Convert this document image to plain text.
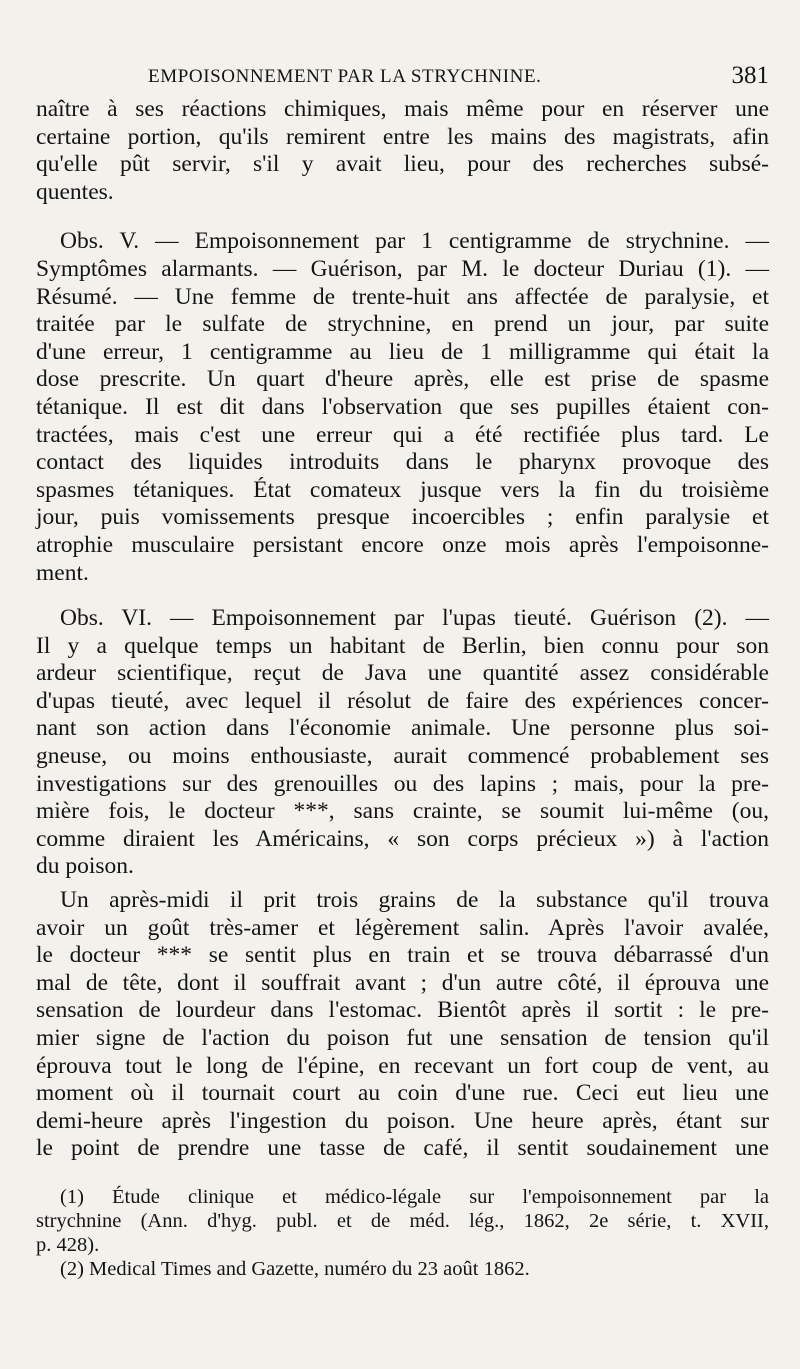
EMPOISONNEMENT PAR LA STRYCHNINE.	381

naître à ses réactions chimiques, mais même pour en réserver une

certaine portion, qu'ils remirent entre les mains des magistrats, afin

qu'elle pût servir, s'il y avait lieu, pour des recherches subsé-

quentes.

Obs. V. — Empoisonnement par 1 centigramme de strychnine. —

Symptômes alarmants. — Guérison, par M. le docteur Duriau (1). —

Résumé. — Une femme de trente-huit ans affectée de paralysie, et

traitée par le sulfate de strychnine, en prend un jour, par suite

d'une erreur, 1 centigramme au lieu de 1 milligramme qui était la

dose prescrite. Un quart d'heure après, elle est prise de spasme

tétanique. Il est dit dans l'observation que ses pupilles étaient con-

tractées, mais c'est une erreur qui a été rectifiée plus tard. Le

contact des liquides introduits dans le pharynx provoque des

spasmes tétaniques. État comateux jusque vers la fin du troisième

jour, puis vomissements presque incoercibles ; enfin paralysie et

atrophie musculaire persistant encore onze mois après l'empoisonne-

ment.

Obs. VI. — Empoisonnement par l'upas tieuté. Guérison (2). —

Il y a quelque temps un habitant de Berlin, bien connu pour son

ardeur scientifique, reçut de Java une quantité assez considérable

d'upas tieuté, avec lequel il résolut de faire des expériences concer-

nant son action dans l'économie animale. Une personne plus soi-

gneuse, ou moins enthousiaste, aurait commencé probablement ses

investigations sur des grenouilles ou des lapins ; mais, pour la pre-

mière fois, le docteur ***, sans crainte, se soumit lui-même (ou,

comme diraient les Américains, « son corps précieux ») à l'action

du poison.

Un après-midi il prit trois grains de la substance qu'il trouva

avoir un goût très-amer et légèrement salin. Après l'avoir avalée,

le docteur *** se sentit plus en train et se trouva débarrassé d'un

mal de tête, dont il souffrait avant ; d'un autre côté, il éprouva une

sensation de lourdeur dans l'estomac. Bientôt après il sortit : le pre-

mier signe de l'action du poison fut une sensation de tension qu'il

éprouva tout le long de l'épine, en recevant un fort coup de vent, au

moment où il tournait court au coin d'une rue. Ceci eut lieu une

demi-heure après l'ingestion du poison. Une heure après, étant sur

le point de prendre une tasse de café, il sentit soudainement une

(1) Étude clinique et médico-légale sur l'empoisonnement par la

strychnine (Ann. d'hyg. publ. et de méd. lég., 1862, 2e série, t. XVII,

p. 428).

(2) Medical Times and Gazette, numéro du 23 août 1862.
